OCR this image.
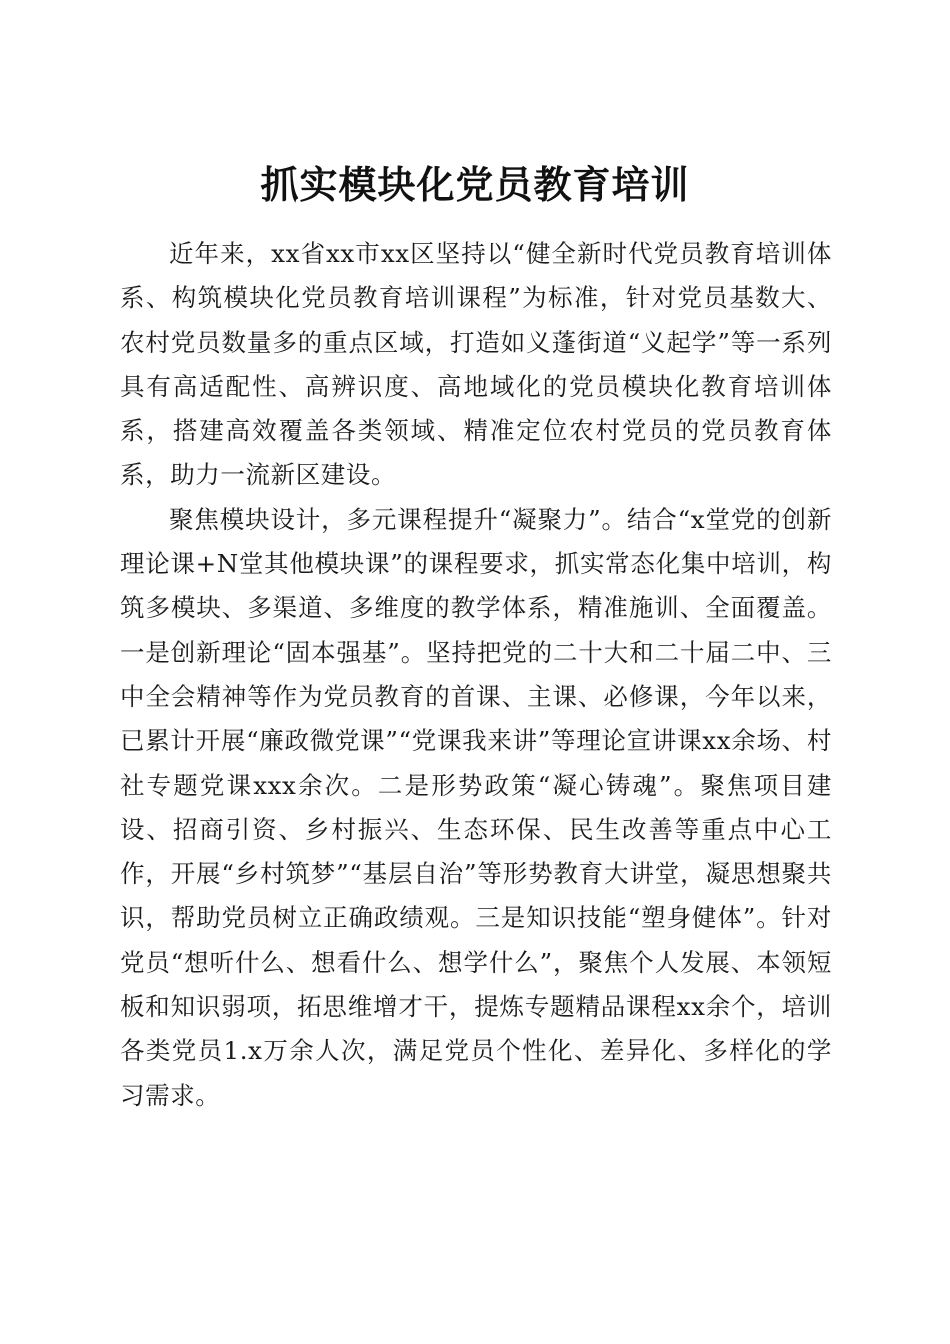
抓实模块化党员教育培训

近年来，xx省xx市xx区坚持以“健全新时代党员教育培训体系、构筑模块化党员教育培训课程”为标准，针对党员基数大、农村党员数量多的重点区域，打造如义蓬街道“义起学”等一系列具有高适配性、高辨识度、高地域化的党员模块化教育培训体系，搭建高效覆盖各类领域、精准定位农村党员的党员教育体系，助力一流新区建设。

聚焦模块设计，多元课程提升“凝聚力”。结合“x堂党的创新理论课+N堂其他模块课”的课程要求，抓实常态化集中培训，构筑多模块、多渠道、多维度的教学体系，精准施训、全面覆盖。一是创新理论“固本强基”。坚持把党的二十大和二十届二中、三中全会精神等作为党员教育的首课、主课、必修课，今年以来，已累计开展“廉政微党课”“党课我来讲”等理论宣讲课xx余场、村社专题党课xxx余次。二是形势政策“凝心铸魂”。聚焦项目建设、招商引资、乡村振兴、生态环保、民生改善等重点中心工作，开展“乡村筑梦”“基层自治”等形势教育大讲堂，凝思想聚共识，帮助党员树立正确政绩观。三是知识技能“塑身健体”。针对党员“想听什么、想看什么、想学什么”，聚焦个人发展、本领短板和知识弱项，拓思维增才干，提炼专题精品课程xx余个，培训各类党员1.x万余人次，满足党员个性化、差异化、多样化的学习需求。
